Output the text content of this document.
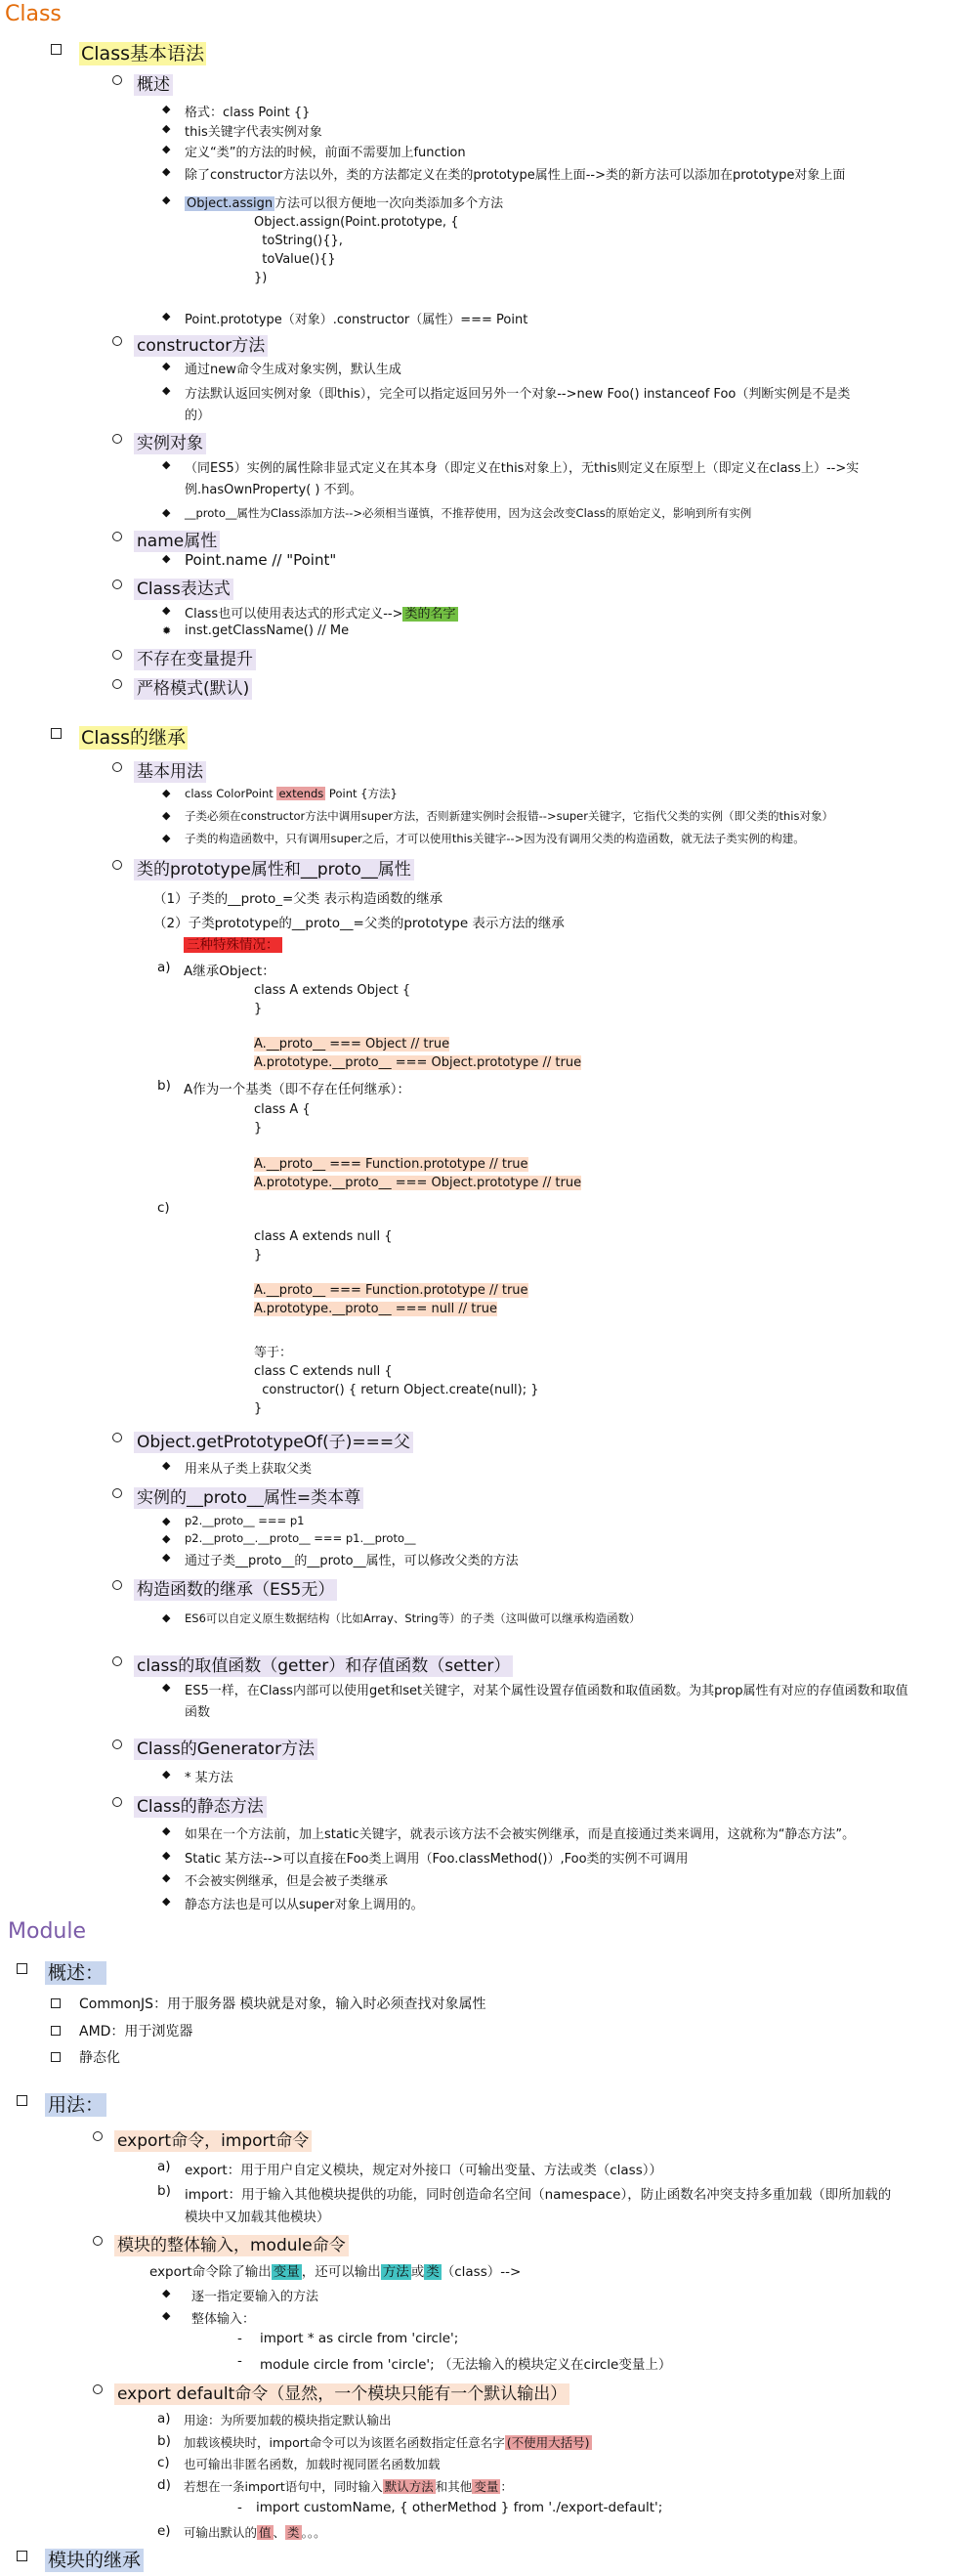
Class
Class基本语法
概述
◆ 格式：class Point {}
◆ this关键字代表实例对象
◆ 定义“类”的方法的时候，前面不需要加上function
◆ 除了constructor方法以外，类的方法都定义在类的prototype属性上面-->类的新方法可以添加在prototype对象上面
◆ Object.assign 方法可以很方便地一次向类添加多个方法
Object.assign(Point.prototype, {
toString(){},
toValue(){}
})
◆ Point.prototype（对象）.constructor（属性）=== Point
constructor方法
◆ 通过new命令生成对象实例，默认生成
◆ 方法默认返回实例对象（即this），完全可以指定返回另外一个对象-->new Foo() instanceof Foo（判断实例是不是类
的）
实例对象
◆ （同ES5）实例的属性除非显式定义在其本身（即定义在this对象上），无this则定义在原型上（即定义在class上）-->实
例.hasOwnProperty( ) 不到。
◆ __proto__属性为Class添加方法-->必须相当谨慎，不推荐使用，因为这会改变Class的原始定义，影响到所有实例
name属性
◆ Point.name // "Point"
Class表达式
◆ Class也可以使用表达式的形式定义--> 类的名字
✹ inst.getClassName() // Me
不存在变量提升
严格模式(默认)
Class的继承
基本用法
◆ class ColorPoint extends Point {方法}
◆ 子类必须在constructor方法中调用super方法，否则新建实例时会报错-->super关键字，它指代父类的实例（即父类的this对象）
◆ 子类的构造函数中，只有调用super之后，才可以使用this关键字-->因为没有调用父类的构造函数，就无法子类实例的构建。
类的prototype属性和__proto__属性
（1）子类的__proto_=父类 表示构造函数的继承
（2）子类prototype的__proto__=父类的prototype 表示方法的继承
三种特殊情况：
a) A继承Object：
class A extends Object {
}
A.__proto__ === Object // true
A.prototype.__proto__ === Object.prototype // true
b) A作为一个基类（即不存在任何继承）：
class A {
}
A.__proto__ === Function.prototype // true
A.prototype.__proto__ === Object.prototype // true
c)
class A extends null {
}
A.__proto__ === Function.prototype // true
A.prototype.__proto__ === null // true
等于：
class C extends null {
constructor() { return Object.create(null); }
}
Object.getPrototypeOf(子)===父
◆ 用来从子类上获取父类
实例的__proto__属性=类本尊
◆ p2.__proto__ === p1
◆ p2.__proto__.__proto__ === p1.__proto__
◆ 通过子类__proto__的__proto__属性，可以修改父类的方法
构造函数的继承（ES5无）
◆ ES6可以自定义原生数据结构（比如Array、String等）的子类（这叫做可以继承构造函数）
class的取值函数（getter）和存值函数（setter）
◆ ES5一样，在Class内部可以使用get和set关键字，对某个属性设置存值函数和取值函数。为其prop属性有对应的存值函数和取值
函数
Class的Generator方法
◆ * 某方法
Class的静态方法
◆ 如果在一个方法前，加上static关键字，就表示该方法不会被实例继承，而是直接通过类来调用，这就称为“静态方法”。
◆ Static 某方法-->可以直接在Foo类上调用（Foo.classMethod()）,Foo类的实例不可调用
◆ 不会被实例继承，但是会被子类继承
◆ 静态方法也是可以从super对象上调用的。
Module
概述：
CommonJS：用于服务器 模块就是对象，输入时必须查找对象属性
AMD：用于浏览器
静态化
用法：
export命令，import命令
a) export：用于用户自定义模块，规定对外接口（可输出变量、方法或类（class））
b) import：用于输入其他模块提供的功能，同时创造命名空间（namespace），防止函数名冲突支持多重加载（即所加载的
模块中又加载其他模块）
模块的整体输入，module命令
export命令除了输出 变量 ，还可以输出 方法 或 类 （class）-->
◆ 逐一指定要输入的方法
◆ 整体输入：
- import * as circle from 'circle';
- module circle from 'circle'; （无法输入的模块定义在circle变量上）
export default命令（显然，一个模块只能有一个默认输出）
a) 用途：为所要加载的模块指定默认输出
b) 加载该模块时，import命令可以为该匿名函数指定任意名字 (不使用大括号)
c) 也可输出非匿名函数，加载时视同匿名函数加载
d) 若想在一条import语句中，同时输入 默认方法 和其他 变量 ：
- import customName, { otherMethod } from './export-default';
e) 可输出默认的 值 、 类 。。。
模块的继承
